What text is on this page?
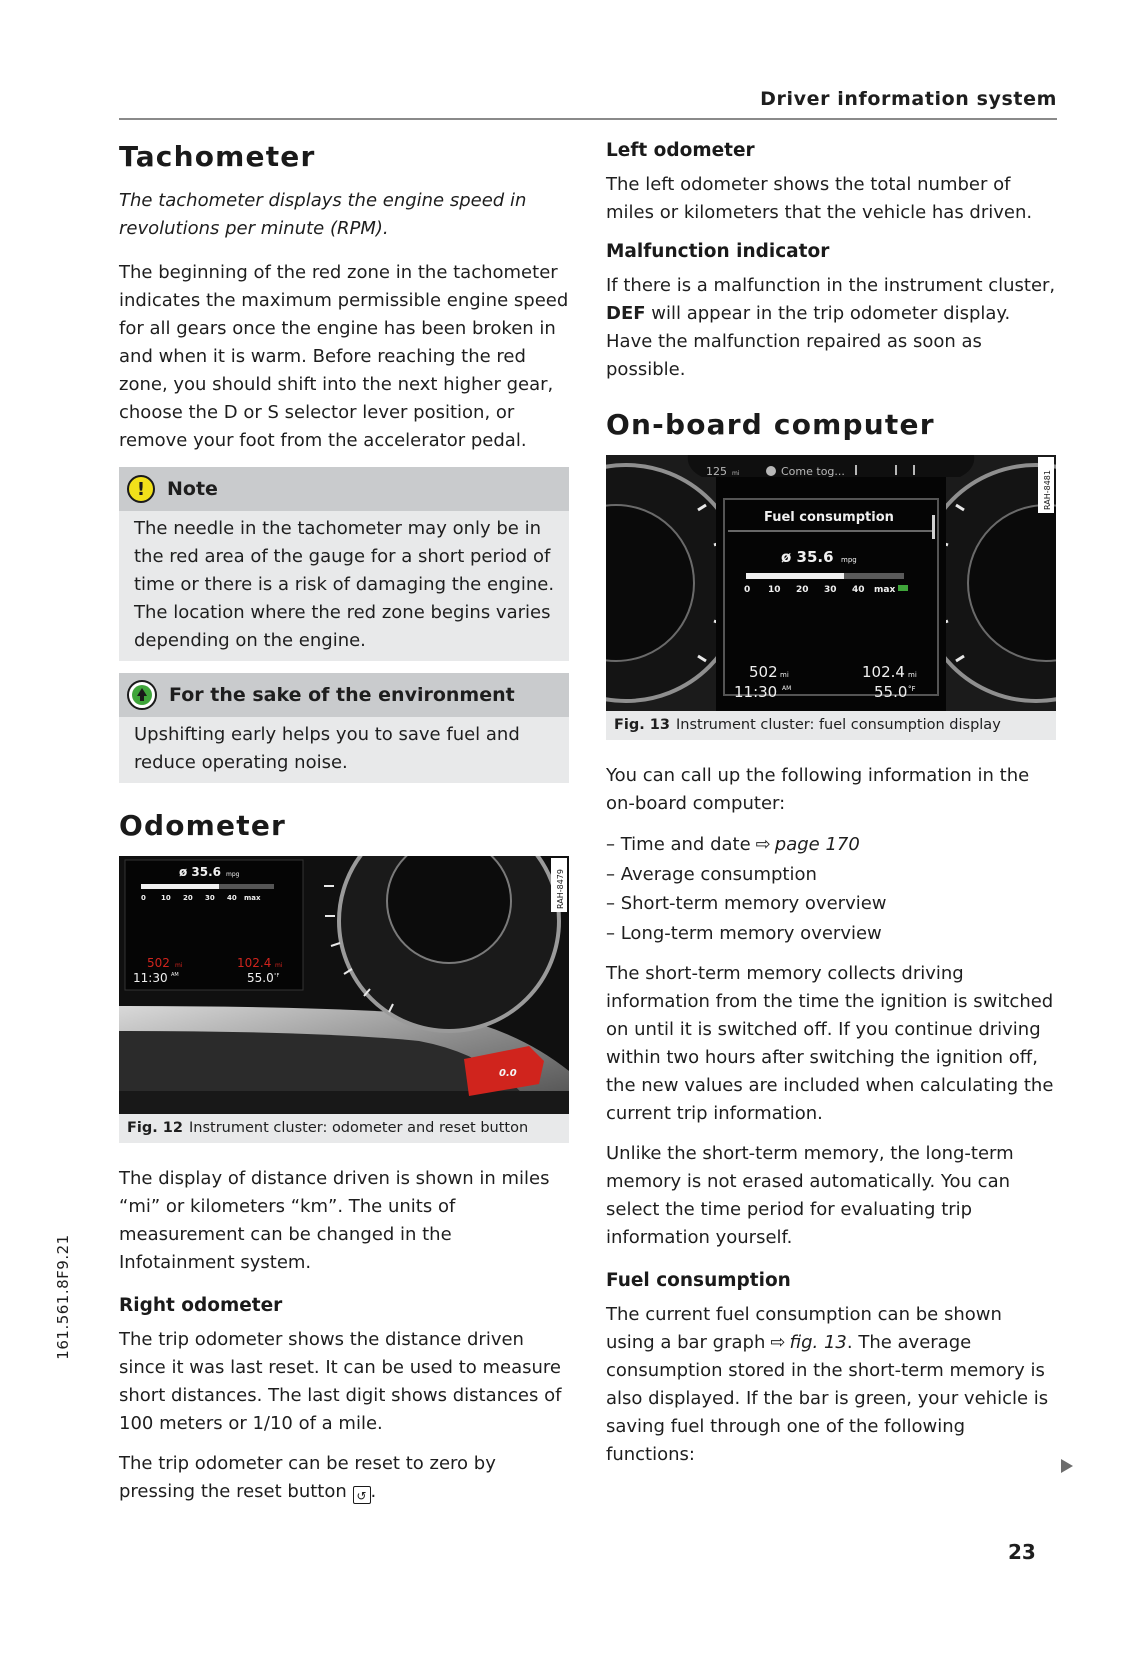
Driver information system
Tachometer

The tachometer displays the engine speed in revolutions per minute (RPM).

The beginning of the red zone in the tachometer indicates the maximum permissible engine speed for all gears once the engine has been broken in and when it is warm. Before reaching the red zone, you should shift into the next higher gear, choose the D or S selector lever position, or remove your foot from the accelerator pedal.

!	Note

The needle in the tachometer may only be in the red area of the gauge for a short period of time or there is a risk of damaging the engine. The location where the red zone begins varies depending on the engine.

For the sake of the environment

Upshifting early helps you to save fuel and reduce operating noise.

Odometer
ø 35.6 mpg
0 10 20 30 40 max
502 mi	102.4 mi
11:30 AM	55.0 °F
0.0
RAH-8479
Fig. 12 Instrument cluster: odometer and reset button

The display of distance driven is shown in miles “mi” or kilometers “km”. The units of measurement can be changed in the Infotainment system.

Right odometer

The trip odometer shows the distance driven since it was last reset. It can be used to measure short distances. The last digit shows distances of 100 meters or 1/10 of a mile.

The trip odometer can be reset to zero by pressing the reset button ↺ .

Left odometer

The left odometer shows the total number of miles or kilometers that the vehicle has driven.

Malfunction indicator

If there is a malfunction in the instrument cluster, DEF will appear in the trip odometer display. Have the malfunction repaired as soon as possible.

On-board computer
125 mi	Come tog...
Fuel consumption
ø 35.6 mpg
0 10 20 30 40 max
502 mi	102.4 mi
11:30 AM	55.0 °F
RAH-8481
Fig. 13 Instrument cluster: fuel consumption display

You can call up the following information in the on-board computer:

– Time and date ⇨ page 170
– Average consumption
– Short-term memory overview
– Long-term memory overview

The short-term memory collects driving information from the time the ignition is switched on until it is switched off. If you continue driving within two hours after switching the ignition off, the new values are included when calculating the current trip information.

Unlike the short-term memory, the long-term memory is not erased automatically. You can select the time period for evaluating trip information yourself.

Fuel consumption

The current fuel consumption can be shown using a bar graph ⇨ fig. 13. The average consumption stored in the short-term memory is also displayed. If the bar is green, your vehicle is saving fuel through one of the following functions:

161.561.8F9.21
23
